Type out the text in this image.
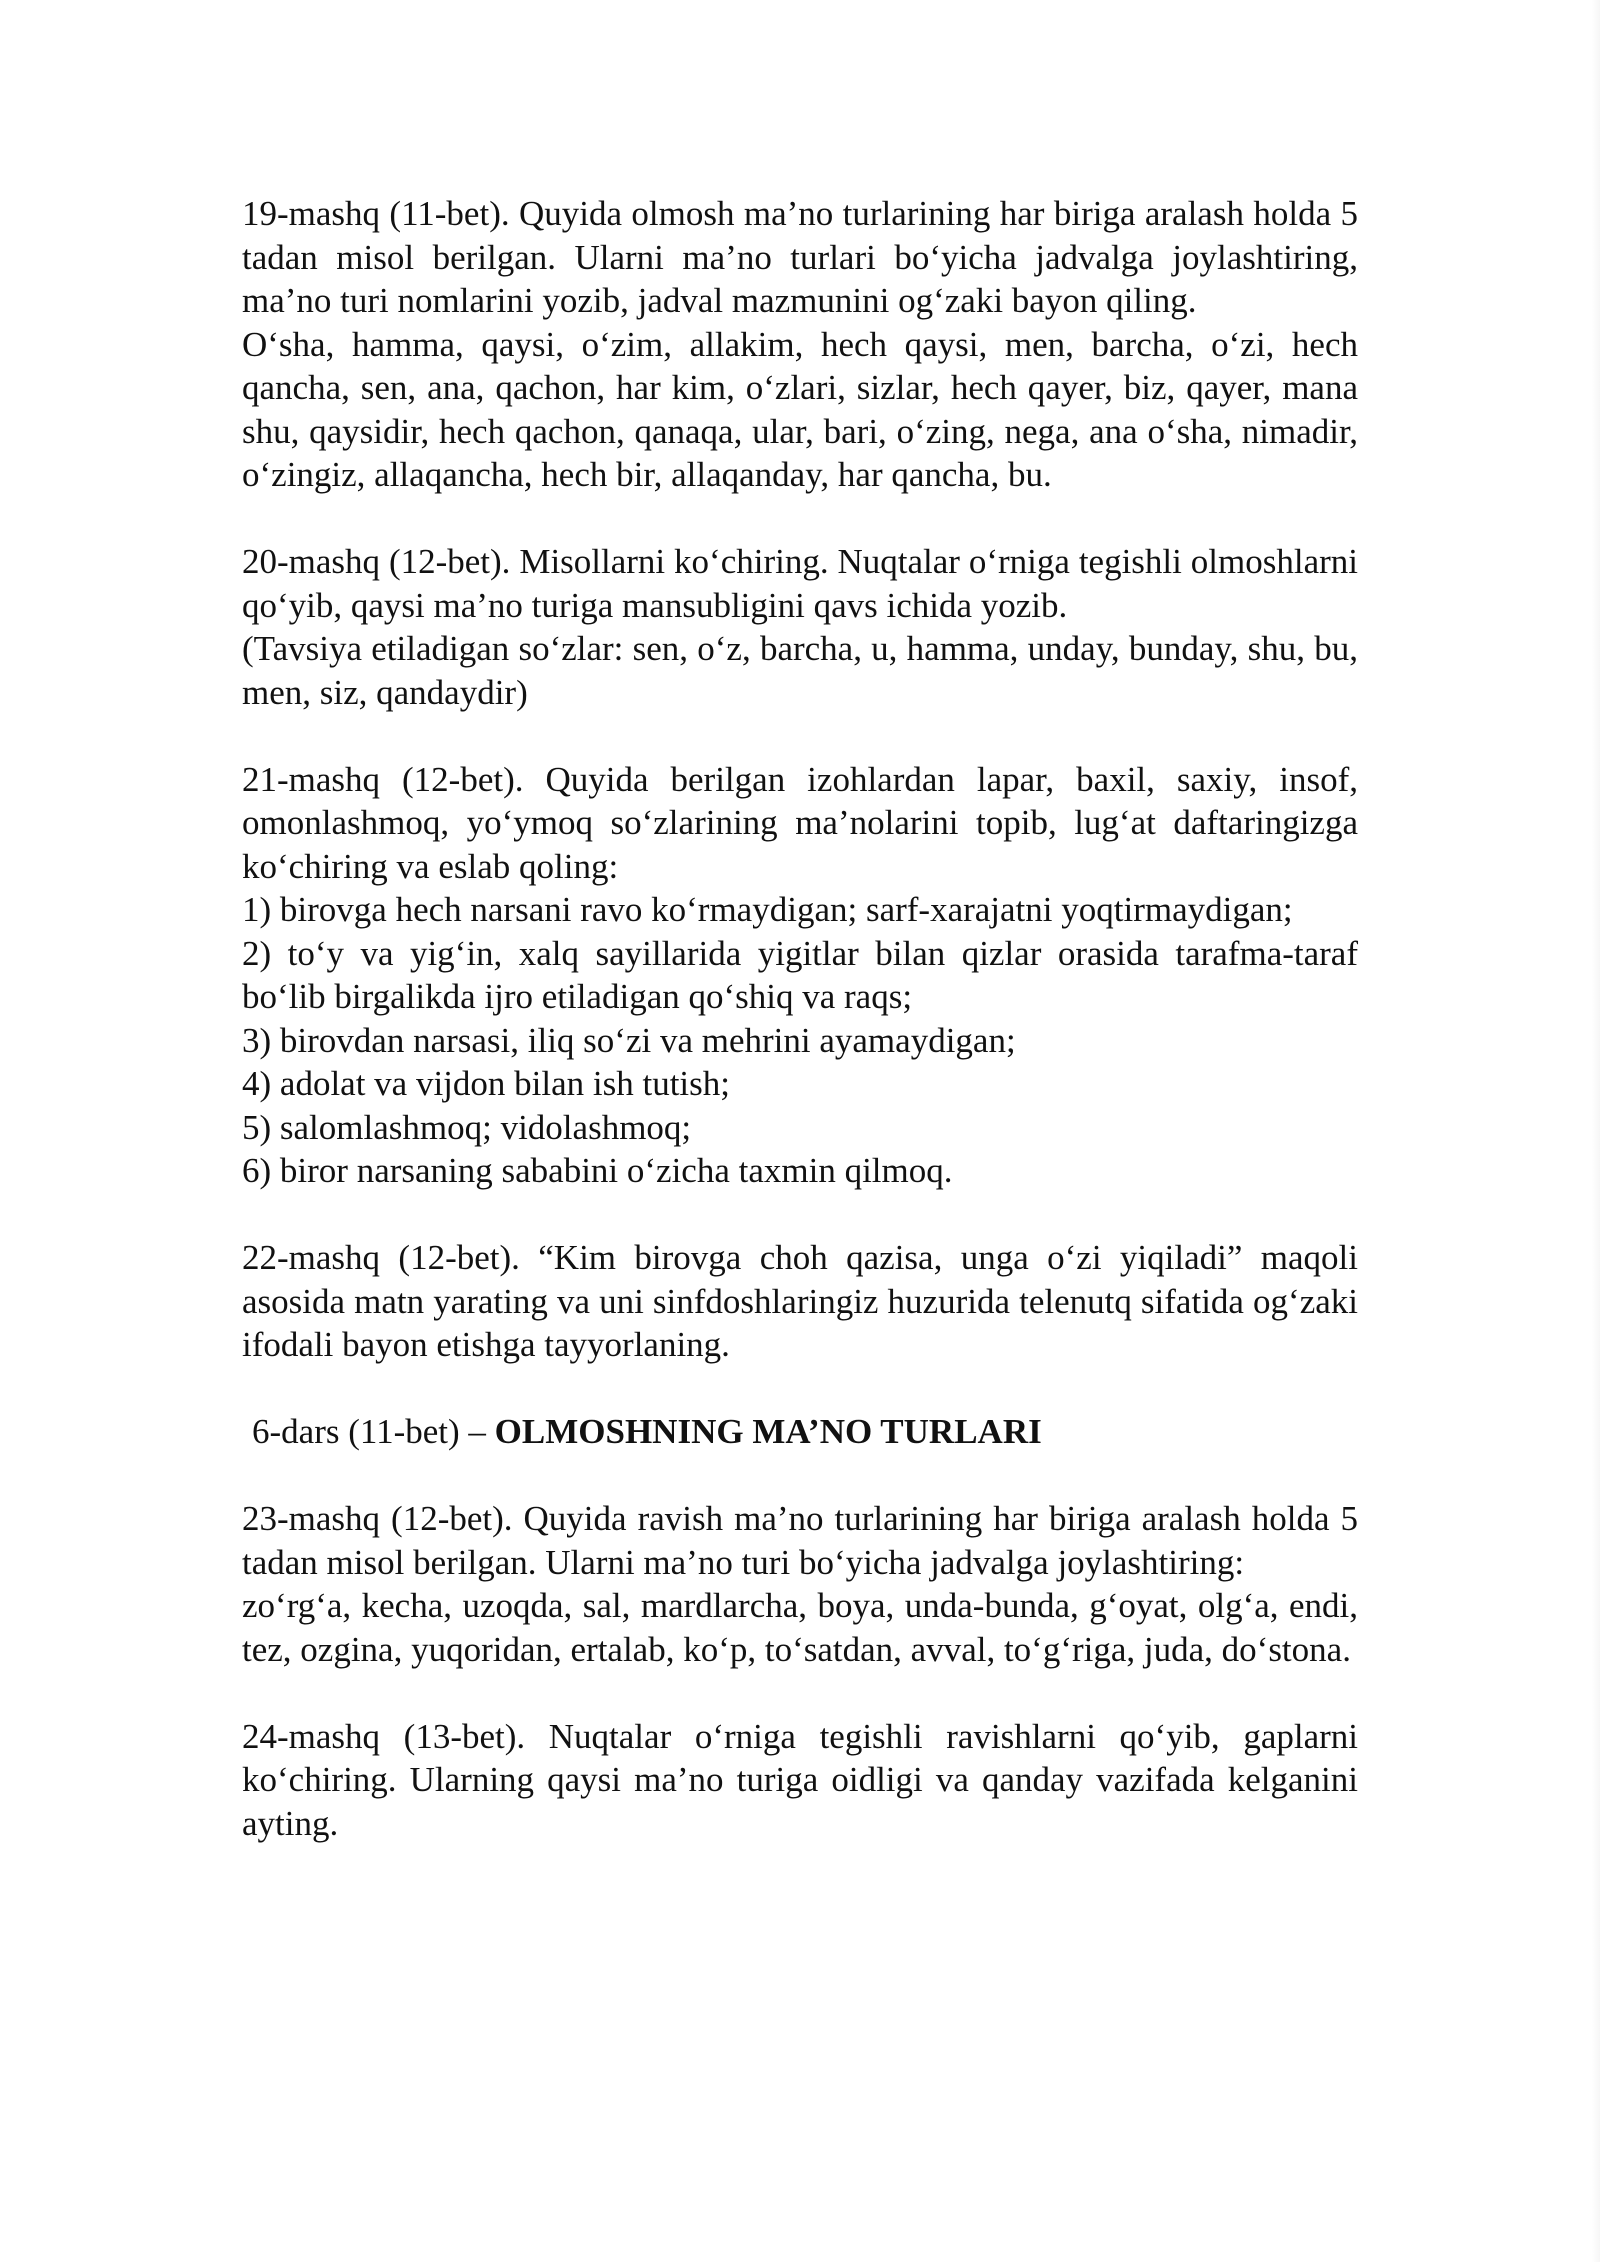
19-mashq (11-bet). Quyida olmosh ma’no turlarining har biriga aralash holda 5 tadan misol berilgan. Ularni ma’no turlari bo‘yicha jadvalga joylashtiring, ma’no turi nomlarini yozib, jadval mazmunini og‘zaki bayon qiling.

O‘sha, hamma, qaysi, o‘zim, allakim, hech qaysi, men, barcha, o‘zi, hech qancha, sen, ana, qachon, har kim, o‘zlari, sizlar, hech qayer, biz, qayer, mana shu, qaysidir, hech qachon, qanaqa, ular, bari, o‘zing, nega, ana o‘sha, nimadir, o‘zingiz, allaqancha, hech bir, allaqanday, har qancha, bu.

20-mashq (12-bet). Misollarni ko‘chiring. Nuqtalar o‘rniga tegishli olmoshlarni qo‘yib, qaysi ma’no turiga mansubligini qavs ichida yozib.

(Tavsiya etiladigan so‘zlar: sen, o‘z, barcha, u, hamma, unday, bunday, shu, bu, men, siz, qandaydir)

21-mashq (12-bet). Quyida berilgan izohlardan lapar, baxil, saxiy, insof, omonlashmoq, yo‘ymoq so‘zlarining ma’nolarini topib, lug‘at daftaringizga ko‘chiring va eslab qoling:

1) birovga hech narsani ravo ko‘rmaydigan; sarf-xarajatni yoqtirmaydigan;

2) to‘y va yig‘in, xalq sayillarida yigitlar bilan qizlar orasida tarafma-taraf bo‘lib birgalikda ijro etiladigan qo‘shiq va raqs;

3) birovdan narsasi, iliq so‘zi va mehrini ayamaydigan;

4) adolat va vijdon bilan ish tutish;

5) salomlashmoq; vidolashmoq;

6) biror narsaning sababini o‘zicha taxmin qilmoq.

22-mashq (12-bet). “Kim birovga choh qazisa, unga o‘zi yiqiladi” maqoli asosida matn yarating va uni sinfdoshlaringiz huzurida telenutq sifatida og‘zaki ifodali bayon etishga tayyorlaning.

6-dars (11-bet) – OLMOSHNING MA’NO TURLARI

23-mashq (12-bet). Quyida ravish ma’no turlarining har biriga aralash holda 5 tadan misol berilgan. Ularni ma’no turi bo‘yicha jadvalga joylashtiring:

zo‘rg‘a, kecha, uzoqda, sal, mardlarcha, boya, unda-bunda, g‘oyat, olg‘a, endi, tez, ozgina, yuqoridan, ertalab, ko‘p, to‘satdan, avval, to‘g‘riga, juda, do‘stona.

24-mashq (13-bet). Nuqtalar o‘rniga tegishli ravishlarni qo‘yib, gaplarni ko‘chiring. Ularning qaysi ma’no turiga oidligi va qanday vazifada kelganini ayting.
